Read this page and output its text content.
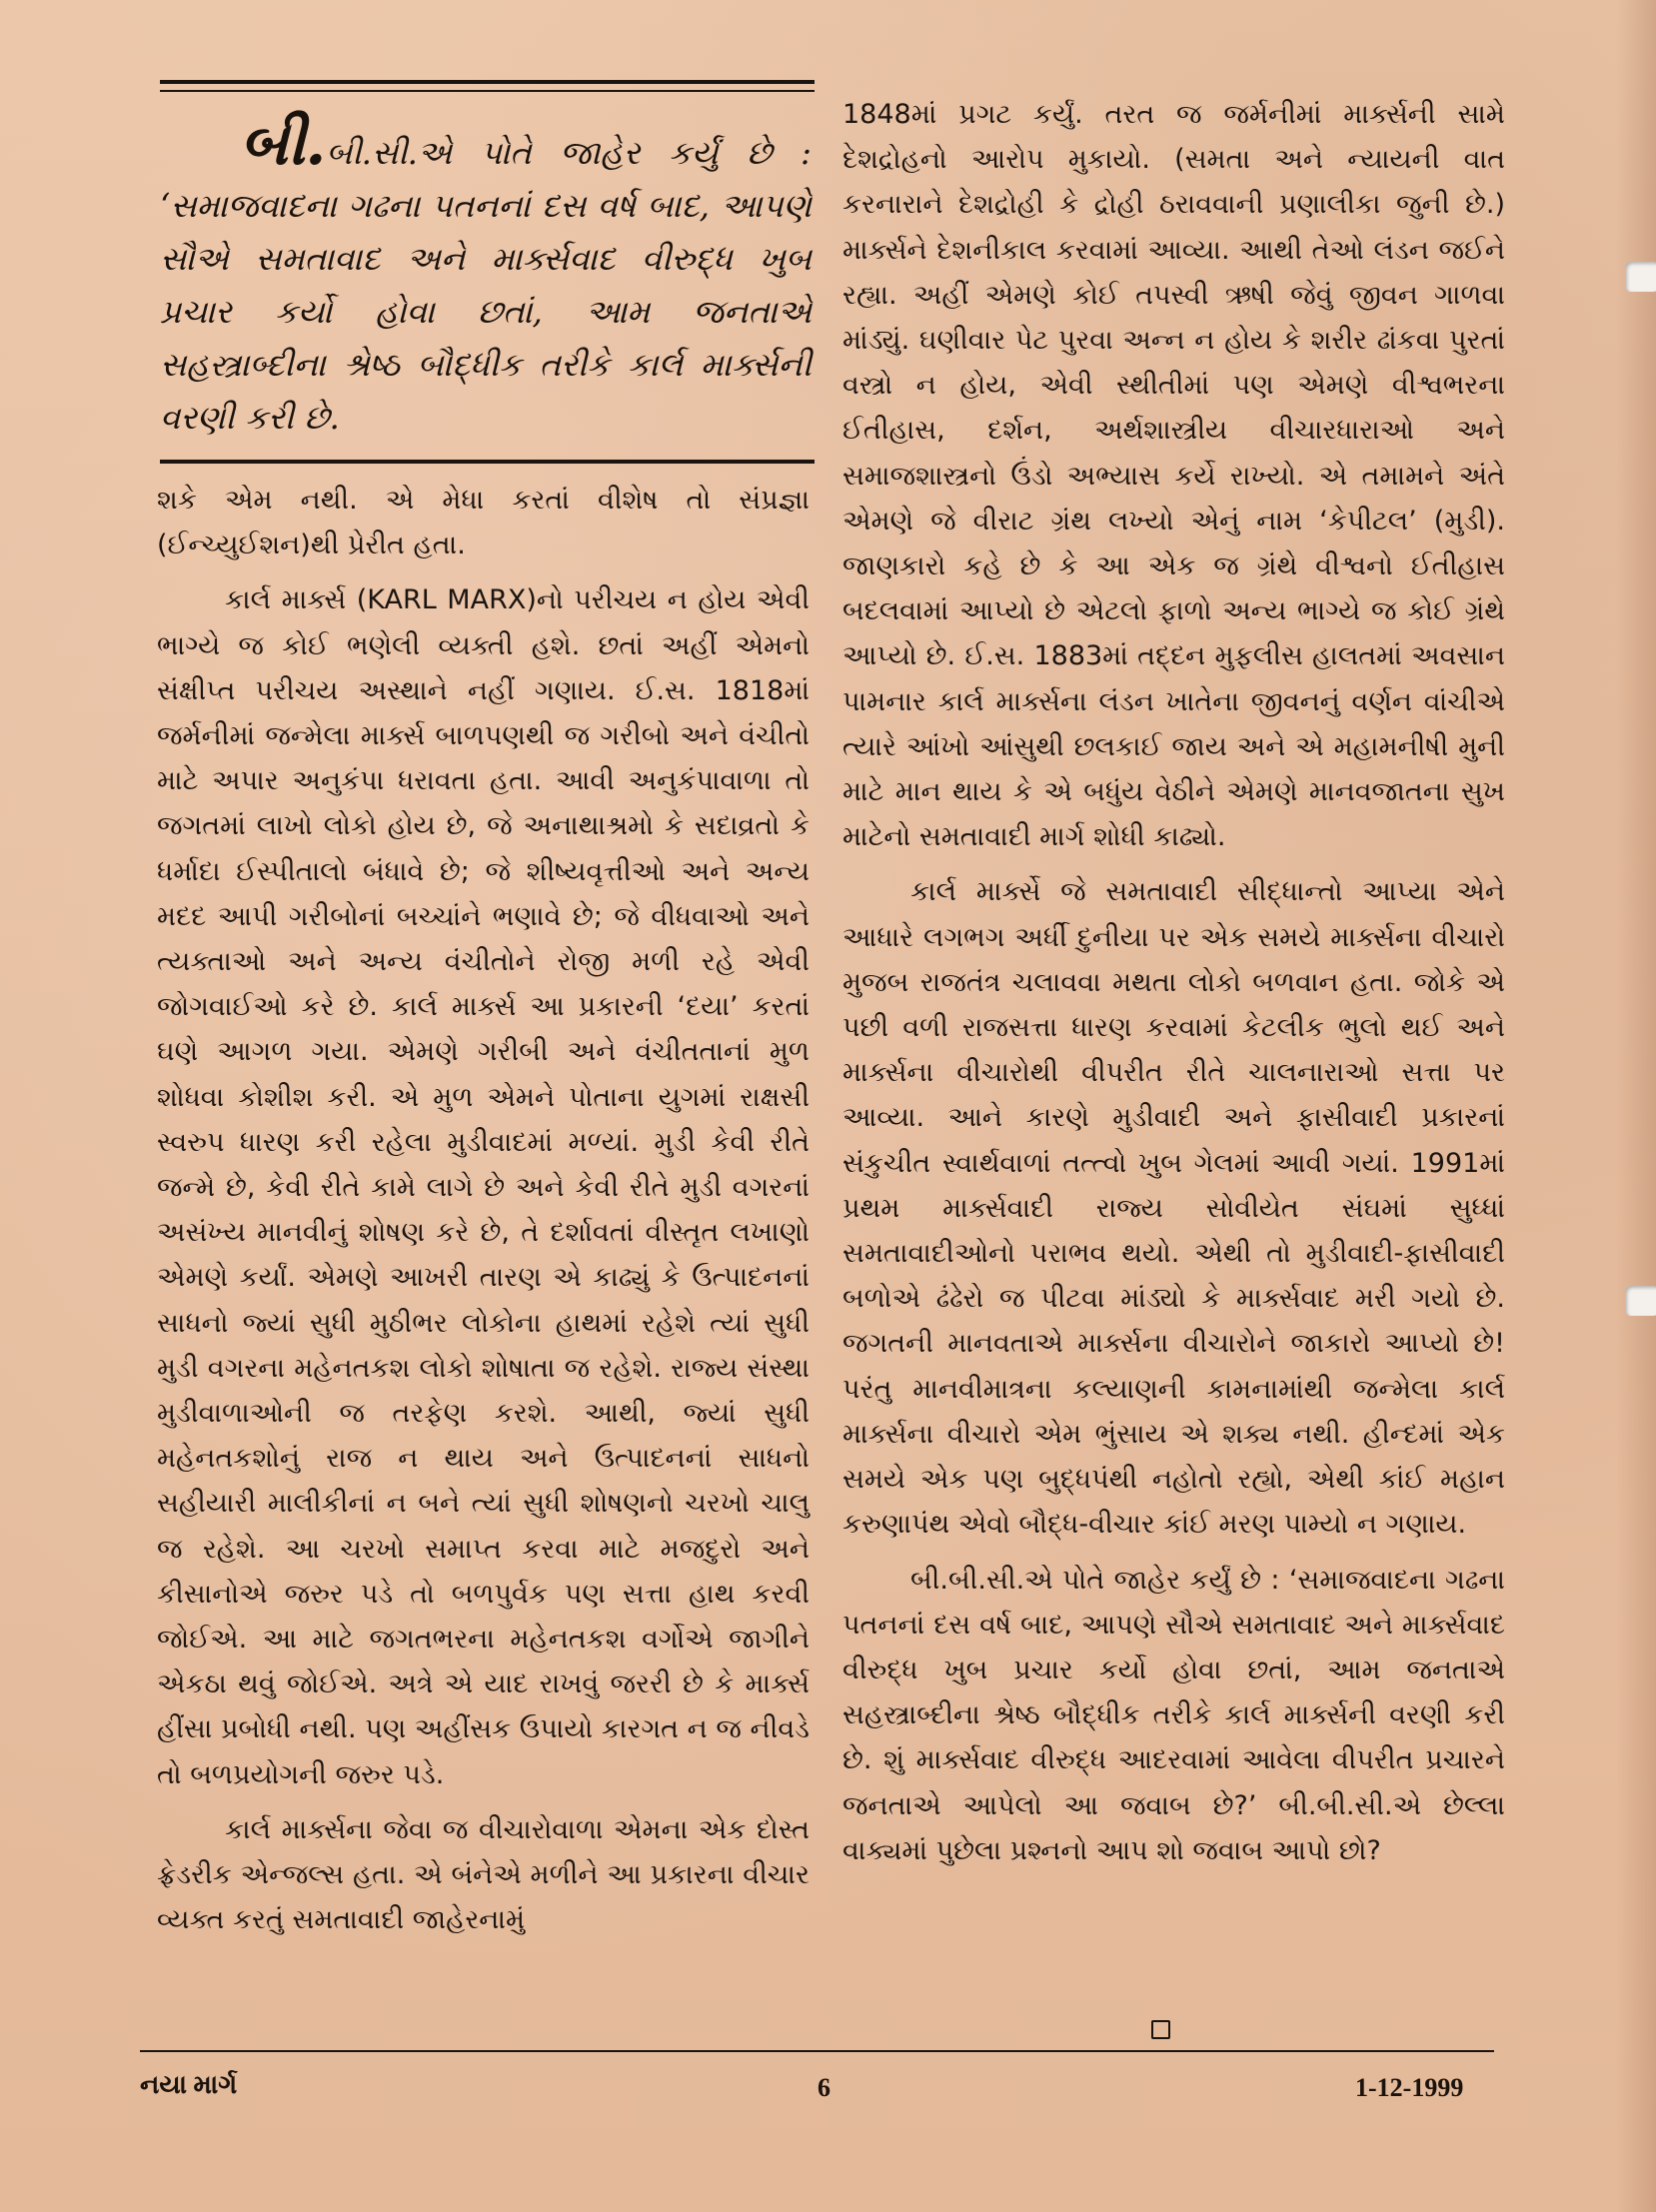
બી.બી.સી.એ પોતે જાહેર કર્યું છે : ‘સમાજવાદના ગઢના પતનનાં દસ વર્ષ બાદ, આપણે સૌએ સમતાવાદ અને માર્ક્સવાદ વીરુદ્ધ ખુબ પ્રચાર કર્યો હોવા છતાં, આમ જનતાએ સહસ્ત્રાબ્દીના શ્રેષ્ઠ બૌદ્ધીક તરીકે કાર્લ માર્ક્સની વરણી કરી છે.

શકે એમ નથી. એ મેધા કરતાં વીશેષ તો સંપ્રજ્ઞા (ઈન્ચ્યુઈશન)થી પ્રેરીત હતા.

કાર્લ માર્ક્સ (KARL MARX)નો પરીચય ન હોય એવી ભાગ્યે જ કોઈ ભણેલી વ્યક્તી હશે. છતાં અહીં એમનો સંક્ષીપ્ત પરીચય અસ્થાને નહીં ગણાય. ઈ.સ. 1818માં જર્મનીમાં જન્મેલા માર્ક્સ બાળપણથી જ ગરીબો અને વંચીતો માટે અપાર અનુકંપા ધરાવતા હતા. આવી અનુકંપાવાળા તો જગતમાં લાખો લોકો હોય છે, જે અનાથાશ્રમો કે સદાવ્રતો કે ધર્માદા ઈસ્પીતાલો બંધાવે છે; જે શીષ્યવૃત્તીઓ અને અન્ય મદદ આપી ગરીબોનાં બચ્ચાંને ભણાવે છે; જે વીધવાઓ અને ત્યક્તાઓ અને અન્ય વંચીતોને રોજી મળી રહે એવી જોગવાઈઓ કરે છે. કાર્લ માર્ક્સ આ પ્રકારની ‘દયા’ કરતાં ઘણે આગળ ગયા. એમણે ગરીબી અને વંચીતતાનાં મુળ શોધવા કોશીશ કરી. એ મુળ એમને પોતાના યુગમાં રાક્ષસી સ્વરુપ ધારણ કરી રહેલા મુડીવાદમાં મળ્યાં. મુડી કેવી રીતે જન્મે છે, કેવી રીતે કામે લાગે છે અને કેવી રીતે મુડી વગરનાં અસંખ્ય માનવીનું શોષણ કરે છે, તે દર્શાવતાં વીસ્તૃત લખાણો એમણે કર્યાં. એમણે આખરી તારણ એ કાઢ્યું કે ઉત્પાદનનાં સાધનો જ્યાં સુધી મુઠીભર લોકોના હાથમાં રહેશે ત્યાં સુધી મુડી વગરના મહેનતકશ લોકો શોષાતા જ રહેશે. રાજ્ય સંસ્થા મુડીવાળાઓની જ તરફેણ કરશે. આથી, જ્યાં સુધી મહેનતકશોનું રાજ ન થાય અને ઉત્પાદનનાં સાધનો સહીયારી માલીકીનાં ન બને ત્યાં સુધી શોષણનો ચરખો ચાલુ જ રહેશે. આ ચરખો સમાપ્ત કરવા માટે મજદુરો અને કીસાનોએ જરુર પડે તો બળપુર્વક પણ સત્તા હાથ કરવી જોઈએ. આ માટે જગતભરના મહેનતકશ વર્ગોએ જાગીને એકઠા થવું જોઈએ. અત્રે એ યાદ રાખવું જરરી છે કે માર્ક્સ હીંસા પ્રબોધી નથી. પણ અહીંસક ઉપાયો કારગત ન જ નીવડે તો બળપ્રયોગની જરુર પડે.

કાર્લ માર્ક્સના જેવા જ વીચારોવાળા એમના એક દોસ્ત ફ્રેડરીક એન્જલ્સ હતા. એ બંનેએ મળીને આ પ્રકારના વીચાર વ્યક્ત કરતું સમતાવાદી જાહેરનામું

1848માં પ્રગટ કર્યું. તરત જ જર્મનીમાં માર્ક્સની સામે દેશદ્રોહનો આરોપ મુકાયો. (સમતા અને ન્યાયની વાત કરનારાને દેશદ્રોહી કે દ્રોહી ઠરાવવાની પ્રણાલીકા જુની છે.) માર્ક્સને દેશનીકાલ કરવામાં આવ્યા. આથી તેઓ લંડન જઈને રહ્યા. અહીં એમણે કોઈ તપસ્વી ઋષી જેવું જીવન ગાળવા માંડ્યું. ઘણીવાર પેટ પુરવા અન્ન ન હોય કે શરીર ઢાંકવા પુરતાં વસ્ત્રો ન હોય, એવી સ્થીતીમાં પણ એમણે વીશ્વભરના ઈતીહાસ, દર્શન, અર્થશાસ્ત્રીય વીચારધારાઓ અને સમાજશાસ્ત્રનો ઉંડો અભ્યાસ કર્યે રાખ્યો. એ તમામને અંતે એમણે જે વીરાટ ગ્રંથ લખ્યો એનું નામ ‘કેપીટલ’ (મુડી). જાણકારો કહે છે કે આ એક જ ગ્રંથે વીશ્વનો ઈતીહાસ બદલવામાં આપ્યો છે એટલો ફાળો અન્ય ભાગ્યે જ કોઈ ગ્રંથે આપ્યો છે. ઈ.સ. 1883માં તદ્દન મુફલીસ હાલતમાં અવસાન પામનાર કાર્લ માર્ક્સના લંડન ખાતેના જીવનનું વર્ણન વાંચીએ ત્યારે આંખો આંસુથી છલકાઈ જાય અને એ મહામનીષી મુની માટે માન થાય કે એ બધુંય વેઠીને એમણે માનવજાતના સુખ માટેનો સમતાવાદી માર્ગ શોધી કાઢ્યો.

કાર્લ માર્ક્સે જે સમતાવાદી સીદ્ધાન્તો આપ્યા એને આધારે લગભગ અર્ધી દુનીયા પર એક સમયે માર્ક્સના વીચારો મુજબ રાજતંત્ર ચલાવવા મથતા લોકો બળવાન હતા. જોકે એ પછી વળી રાજસત્તા ધારણ કરવામાં કેટલીક ભુલો થઈ અને માર્ક્સના વીચારોથી વીપરીત રીતે ચાલનારાઓ સત્તા પર આવ્યા. આને કારણે મુડીવાદી અને ફાસીવાદી પ્રકારનાં સંકુચીત સ્વાર્થવાળાં તત્ત્વો ખુબ ગેલમાં આવી ગયાં. 1991માં પ્રથમ માર્ક્સવાદી રાજ્ય સોવીયેત સંઘમાં સુધ્ધાં સમતાવાદીઓનો પરાભવ થયો. એથી તો મુડીવાદી-ફાસીવાદી બળોએ ઢંઢેરો જ પીટવા માંડ્યો કે માર્ક્સવાદ મરી ગયો છે. જગતની માનવતાએ માર્ક્સના વીચારોને જાકારો આપ્યો છે! પરંતુ માનવીમાત્રના કલ્યાણની કામનામાંથી જન્મેલા કાર્લ માર્ક્સના વીચારો એમ ભુંસાય એ શક્ય નથી. હીન્દમાં એક સમયે એક પણ બુદ્ધપંથી નહોતો રહ્યો, એથી કાંઈ મહાન કરુણાપંથ એવો બૌદ્ધ-વીચાર કાંઈ મરણ પામ્યો ન ગણાય.

બી.બી.સી.એ પોતે જાહેર કર્યું છે : ‘સમાજવાદના ગઢના પતનનાં દસ વર્ષ બાદ, આપણે સૌએ સમતાવાદ અને માર્ક્સવાદ વીરુદ્ધ ખુબ પ્રચાર કર્યો હોવા છતાં, આમ જનતાએ સહસ્ત્રાબ્દીના શ્રેષ્ઠ બૌદ્ધીક તરીકે કાર્લ માર્ક્સની વરણી કરી છે. શું માર્ક્સવાદ વીરુદ્ધ આદરવામાં આવેલા વીપરીત પ્રચારને જનતાએ આપેલો આ જવાબ છે?’ બી.બી.સી.એ છેલ્લા વાક્યમાં પુછેલા પ્રશ્નનો આપ શો જવાબ આપો છો?

નયા માર્ગ	6	1-12-1999
